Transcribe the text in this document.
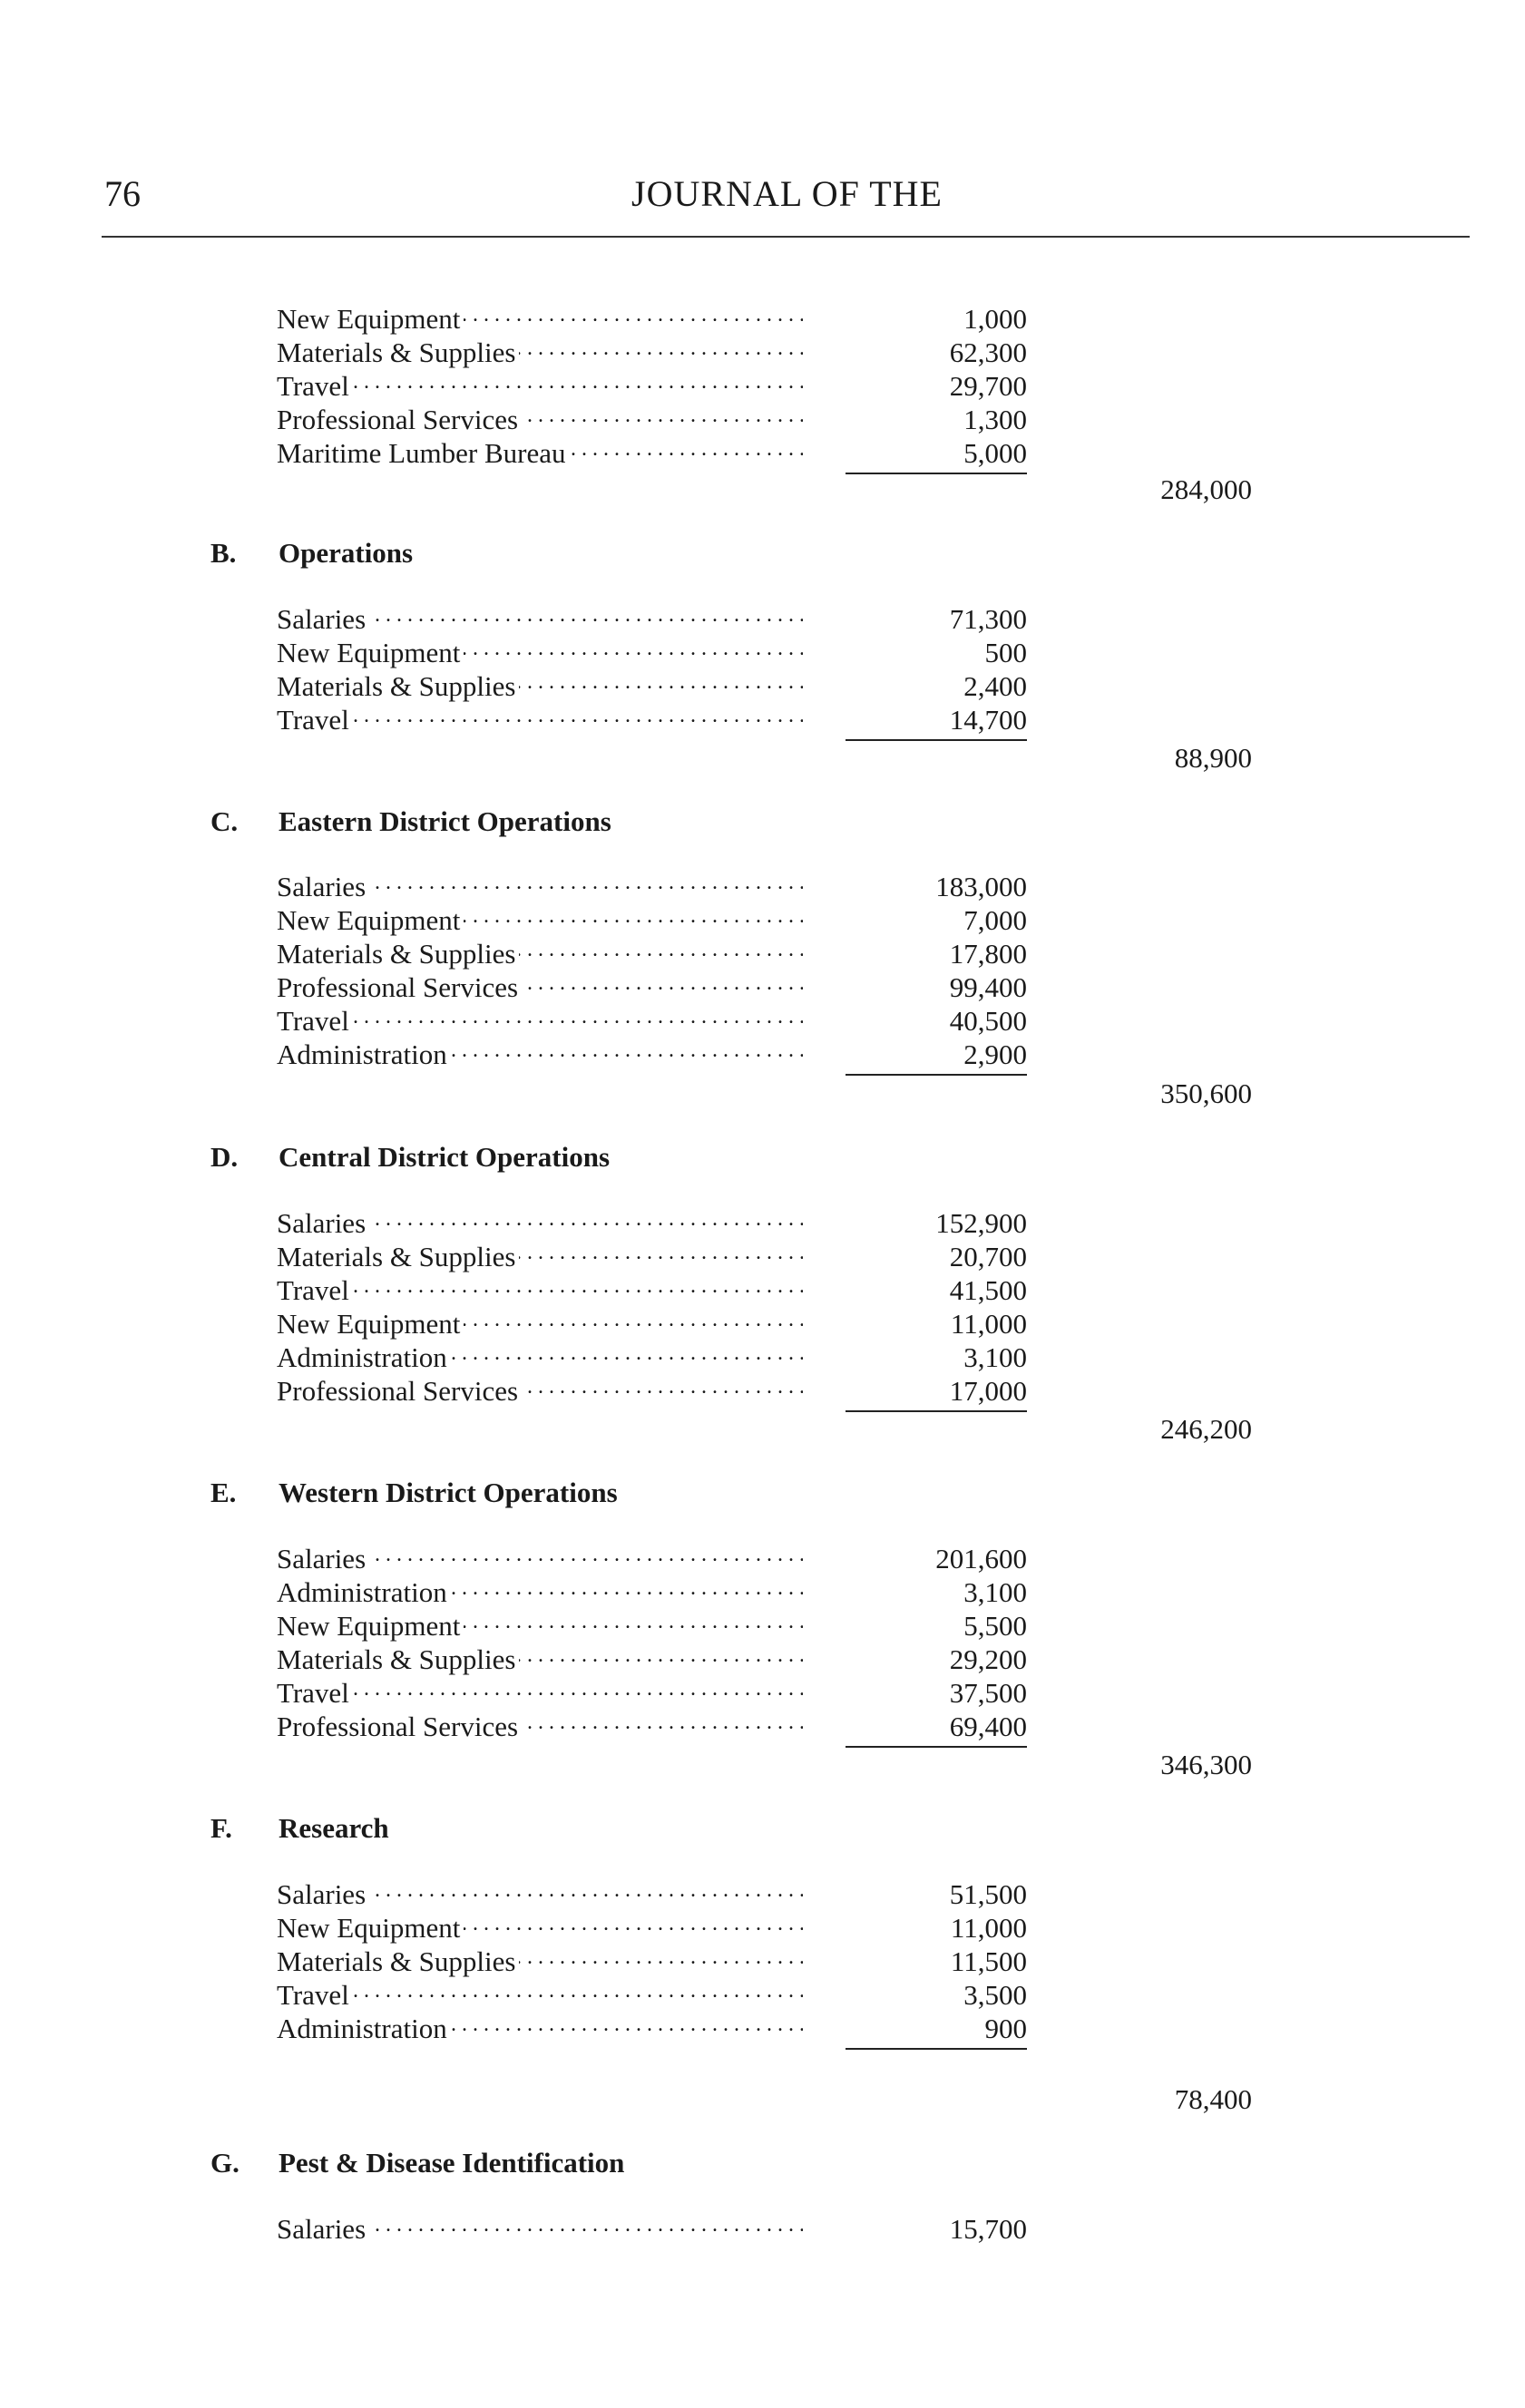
76	JOURNAL OF THE
New Equipment . . .	1,000
Materials & Supplies . . .	62,300
Travel . . .	29,700
Professional Services . . .	1,300
Maritime Lumber Bureau . . .	5,000
284,000
B. Operations
Salaries . . .	71,300
New Equipment . . .	500
Materials & Supplies . . .	2,400
Travel . . .	14,700
88,900
C. Eastern District Operations
Salaries . . .	183,000
New Equipment . . .	7,000
Materials & Supplies . . .	17,800
Professional Services . . .	99,400
Travel . . .	40,500
Administration . . .	2,900
350,600
D. Central District Operations
Salaries . . .	152,900
Materials & Supplies . . .	20,700
Travel . . .	41,500
New Equipment . . .	11,000
Administration . . .	3,100
Professional Services . . .	17,000
246,200
E. Western District Operations
Salaries . . .	201,600
Administration . . .	3,100
New Equipment . . .	5,500
Materials & Supplies . . .	29,200
Travel . . .	37,500
Professional Services . . .	69,400
346,300
F. Research
Salaries . . .	51,500
New Equipment . . .	11,000
Materials & Supplies . . .	11,500
Travel . . .	3,500
Administration . . .	900
78,400
G. Pest & Disease Identification
Salaries . . .	15,700
